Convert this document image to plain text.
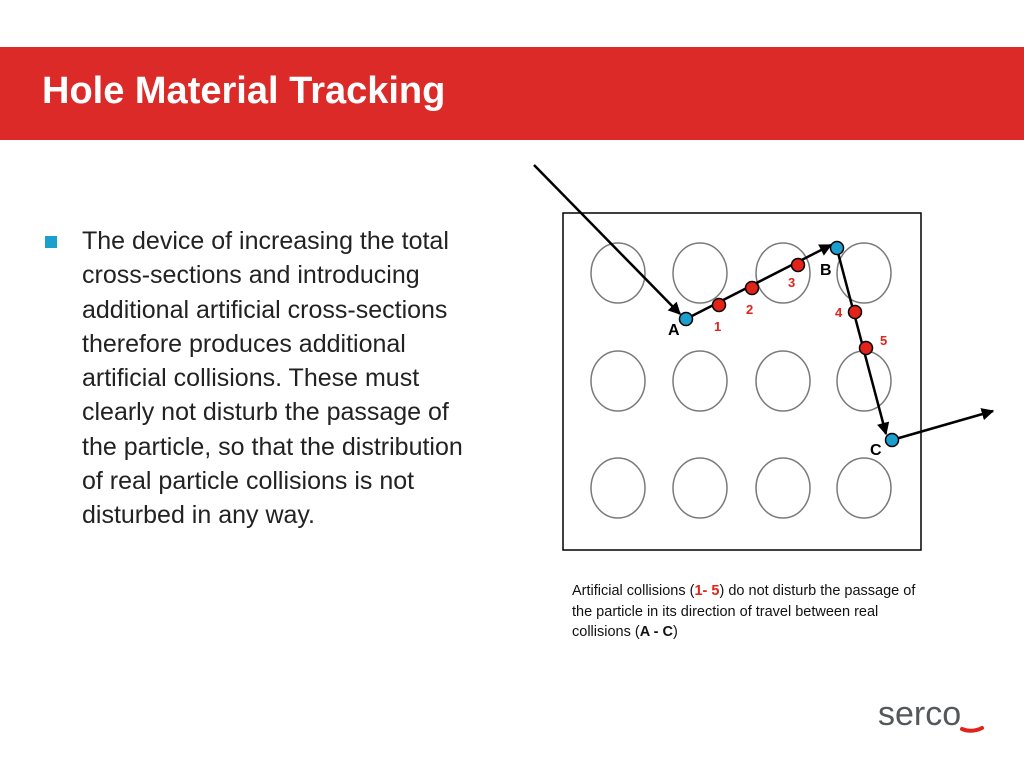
Hole Material Tracking

The device of increasing the total cross-sections and introducing additional artificial cross-sections therefore produces additional artificial collisions. These must clearly not disturb the passage of the particle, so that the distribution of real particle collisions is not disturbed in any way.

A
B
C
1
2
3
4
5
Artificial collisions (1- 5) do not disturb the passage of the particle in its direction of travel between real collisions (A - C)
serco
